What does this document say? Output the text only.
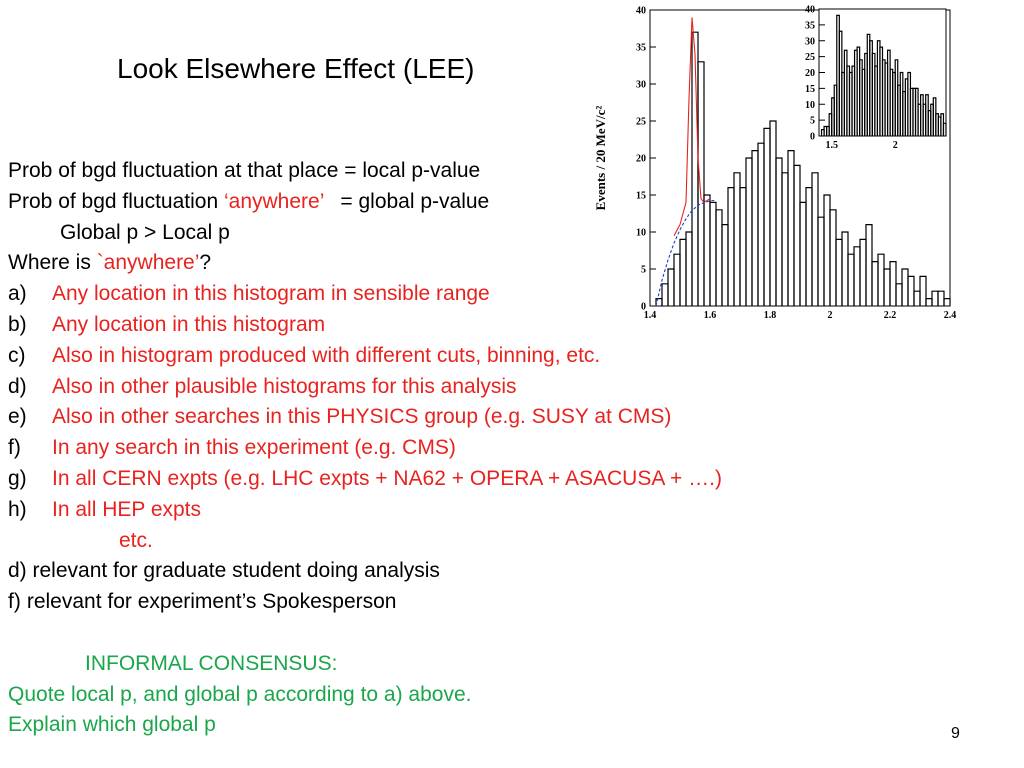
Look Elsewhere Effect (LEE)
Prob of bgd fluctuation at that place = local p-value
Prob of bgd fluctuation ‘anywhere’ = global p-value
Global p > Local p
Where is `anywhere’?
a) Any location in this histogram in sensible range
b) Any location in this histogram
c) Also in histogram produced with different cuts, binning, etc.
d) Also in other plausible histograms for this analysis
e) Also in other searches in this PHYSICS group (e.g. SUSY at CMS)
f) In any search in this experiment (e.g. CMS)
g) In all CERN expts (e.g. LHC expts + NA62 + OPERA + ASACUSA + ….)
h) In all HEP expts
etc.
d) relevant for graduate student doing analysis
f) relevant for experiment’s Spokesperson
INFORMAL CONSENSUS:
Quote local p, and global p according to a) above.
Explain which global p
0
5
10
15
20
25
30
35
40
1.4	1.6	1.8	2	2.2	2.4
0
5
10
15
20
25
30
35
40
1.5	2
Events / 20 MeV/c²
9
